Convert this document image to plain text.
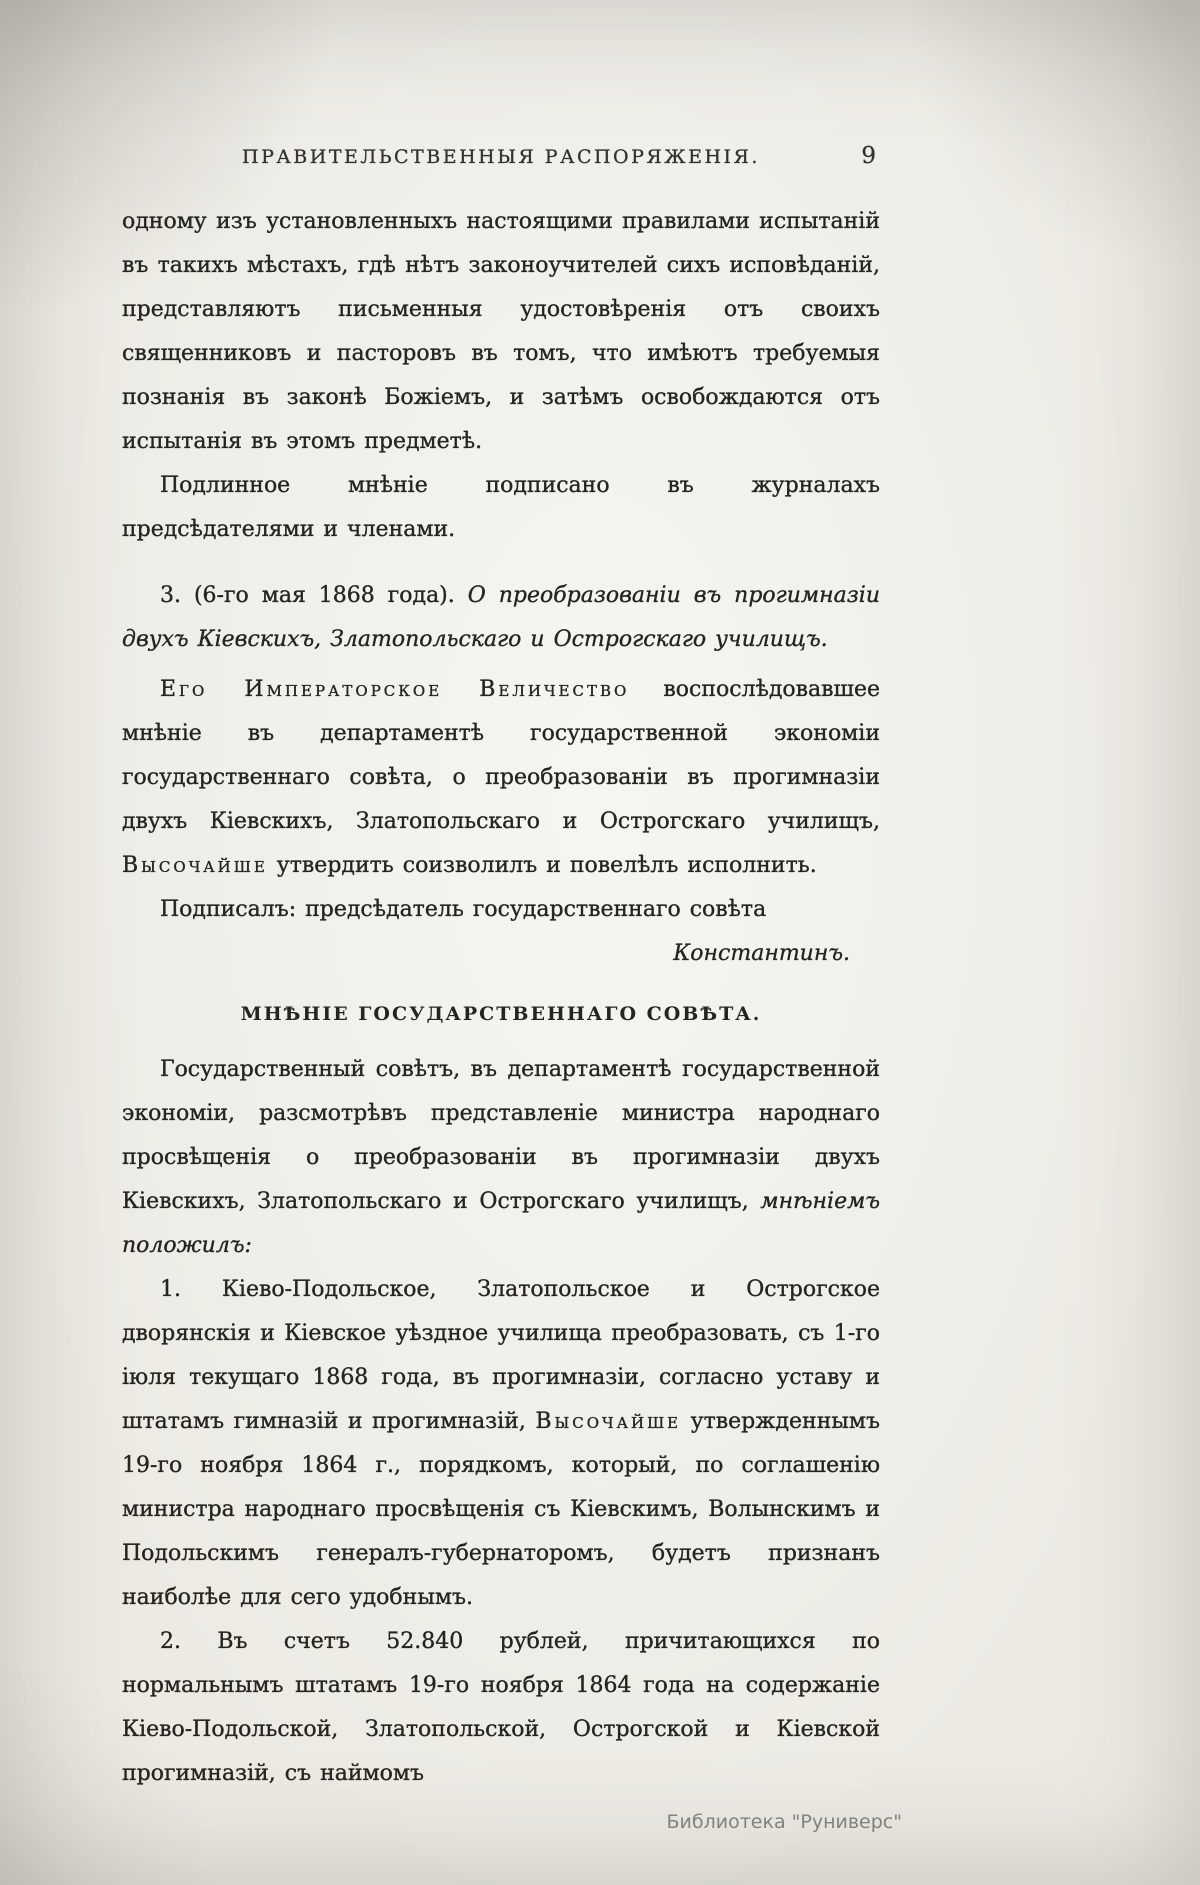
ПРАВИТЕЛЬСТВЕННЫЯ РАСПОРЯЖЕНІЯ.	9

одному изъ установленныхъ настоящими правилами испытаній въ такихъ мѣстахъ, гдѣ нѣтъ законоучителей сихъ исповѣданій, представляютъ письменныя удостовѣренія отъ своихъ священниковъ и пасторовъ въ томъ, что имѣютъ требуемыя познанія въ законѣ Божіемъ, и затѣмъ освобождаются отъ испытанія въ этомъ предметѣ.

Подлинное мнѣніе подписано въ журналахъ предсѣдателями и членами.

3. (6-го мая 1868 года). О преобразованіи въ прогимназіи двухъ Кіевскихъ, Златопольскаго и Острогскаго училищъ.

Его Императорское Величество воспослѣдовавшее мнѣніе въ департаментѣ государственной экономіи государственнаго совѣта, о преобразованіи въ прогимназіи двухъ Кіевскихъ, Златопольскаго и Острогскаго училищъ, Высочайше утвердить соизволилъ и повелѣлъ исполнить.

Подписалъ: предсѣдатель государственнаго совѣта

Константинъ.

МНѢНІЕ ГОСУДАРСТВЕННАГО СОВѢТА.

Государственный совѣтъ, въ департаментѣ государственной экономіи, разсмотрѣвъ представленіе министра народнаго просвѣщенія о преобразованіи въ прогимназіи двухъ Кіевскихъ, Златопольскаго и Острогскаго училищъ, мнѣніемъ положилъ:

1. Кіево-Подольское, Златопольское и Острогское дворянскія и Кіевское уѣздное училища преобразовать, съ 1-го іюля текущаго 1868 года, въ прогимназіи, согласно уставу и штатамъ гимназій и прогимназій, Высочайше утвержденнымъ 19-го ноября 1864 г., порядкомъ, который, по соглашенію министра народнаго просвѣщенія съ Кіевскимъ, Волынскимъ и Подольскимъ генералъ-губернаторомъ, будетъ признанъ наиболѣе для сего удобнымъ.

2. Въ счетъ 52.840 рублей, причитающихся по нормальнымъ штатамъ 19-го ноября 1864 года на содержаніе Кіево-Подольской, Златопольской, Острогской и Кіевской прогимназій, съ наймомъ

Библиотека "Руниверс"
